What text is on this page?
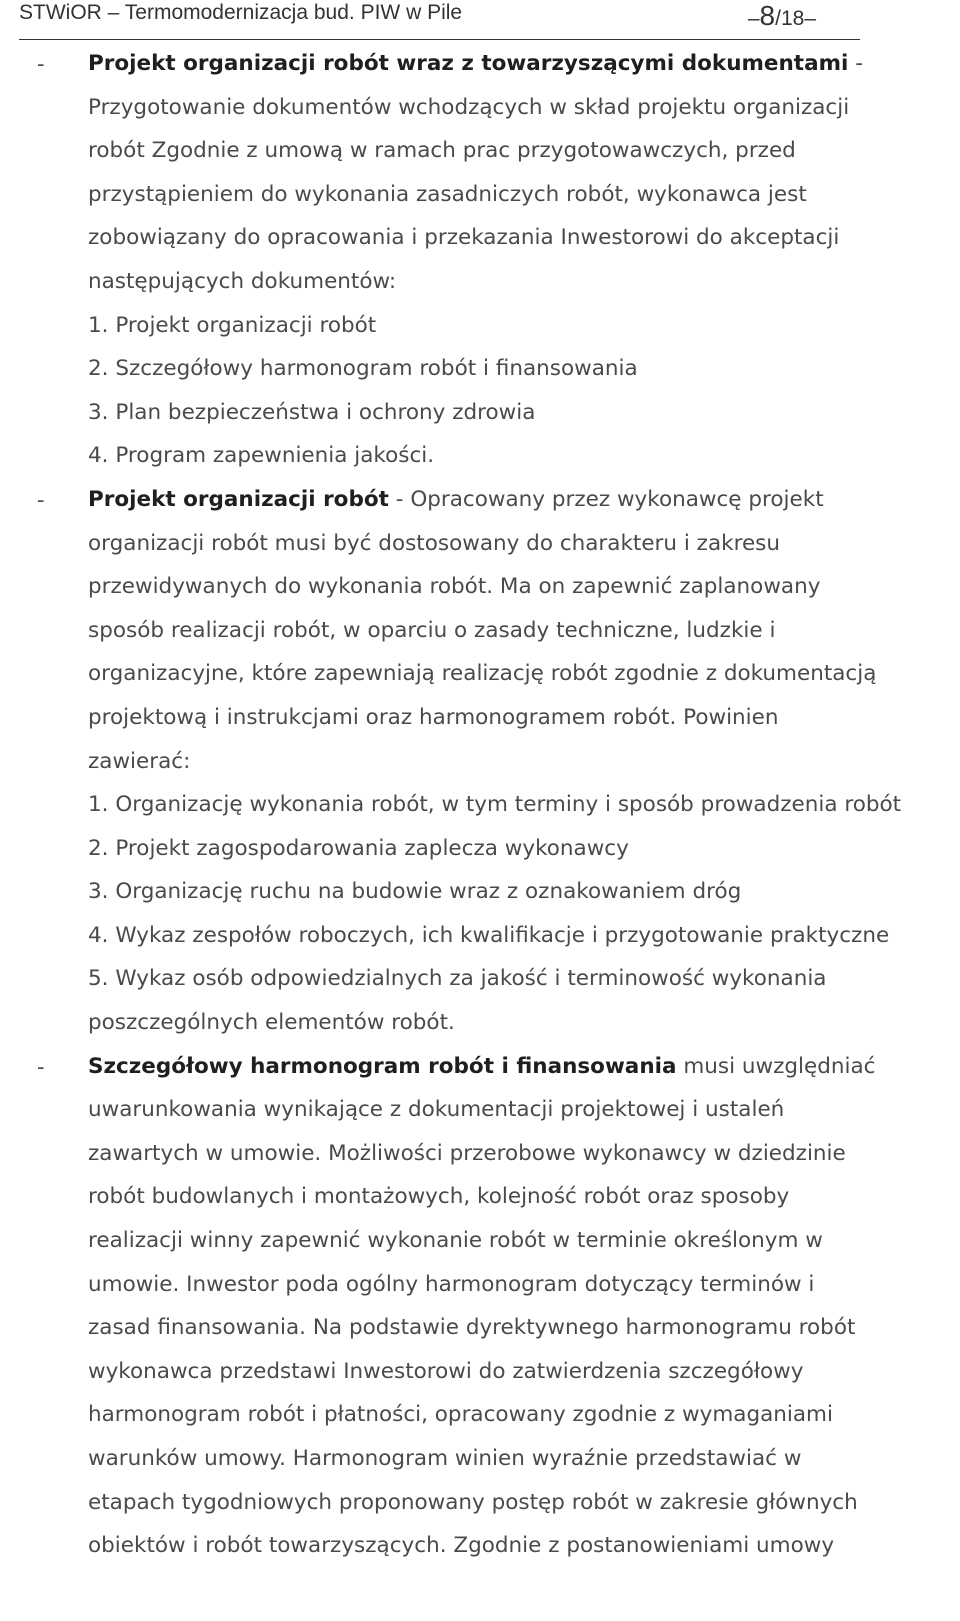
STWiOR – Termomodernizacja bud. PIW w Pile	–8/18–
-	Projekt organizacji robót wraz z towarzyszącymi dokumentami -
Przygotowanie dokumentów wchodzących w skład projektu organizacji
robót Zgodnie z umową w ramach prac przygotowawczych, przed
przystąpieniem do wykonania zasadniczych robót, wykonawca jest
zobowiązany do opracowania i przekazania Inwestorowi do akceptacji
następujących dokumentów:
1. Projekt organizacji robót
2. Szczegółowy harmonogram robót i finansowania
3. Plan bezpieczeństwa i ochrony zdrowia
4. Program zapewnienia jakości.
-	Projekt organizacji robót - Opracowany przez wykonawcę projekt
organizacji robót musi być dostosowany do charakteru i zakresu
przewidywanych do wykonania robót. Ma on zapewnić zaplanowany
sposób realizacji robót, w oparciu o zasady techniczne, ludzkie i
organizacyjne, które zapewniają realizację robót zgodnie z dokumentacją
projektową i instrukcjami oraz harmonogramem robót. Powinien
zawierać:
1. Organizację wykonania robót, w tym terminy i sposób prowadzenia robót
2. Projekt zagospodarowania zaplecza wykonawcy
3. Organizację ruchu na budowie wraz z oznakowaniem dróg
4. Wykaz zespołów roboczych, ich kwalifikacje i przygotowanie praktyczne
5. Wykaz osób odpowiedzialnych za jakość i terminowość wykonania
poszczególnych elementów robót.
-	Szczegółowy harmonogram robót i finansowania musi uwzględniać
uwarunkowania wynikające z dokumentacji projektowej i ustaleń
zawartych w umowie. Możliwości przerobowe wykonawcy w dziedzinie
robót budowlanych i montażowych, kolejność robót oraz sposoby
realizacji winny zapewnić wykonanie robót w terminie określonym w
umowie. Inwestor poda ogólny harmonogram dotyczący terminów i
zasad finansowania. Na podstawie dyrektywnego harmonogramu robót
wykonawca przedstawi Inwestorowi do zatwierdzenia szczegółowy
harmonogram robót i płatności, opracowany zgodnie z wymaganiami
warunków umowy. Harmonogram winien wyraźnie przedstawiać w
etapach tygodniowych proponowany postęp robót w zakresie głównych
obiektów i robót towarzyszących. Zgodnie z postanowieniami umowy
